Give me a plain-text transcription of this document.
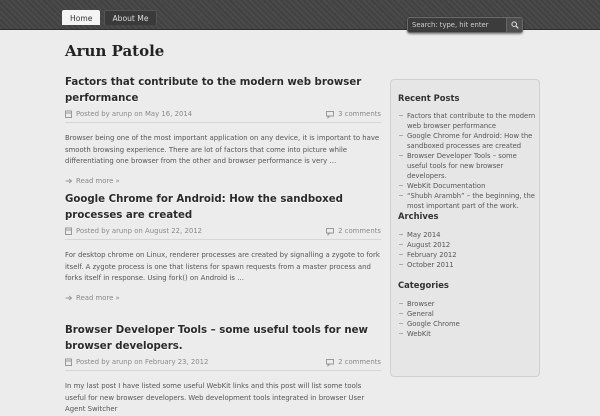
Home	About Me
Search: type, hit enter
Arun Patole
Factors that contribute to the modern web browser performance
Posted by arunp on May 16, 2014	3 comments
Browser being one of the most important application on any device, it is important to have smooth browsing experience. There are lot of factors that come into picture while differentiating one browser from the other and browser performance is very …
Read more »
Google Chrome for Android: How the sandboxed processes are created
Posted by arunp on August 22, 2012	2 comments
For desktop chrome on Linux, renderer processes are created by signalling a zygote to fork itself. A zygote process is one that listens for spawn requests from a master process and forks itself in response. Using fork() on Android is …
Read more »
Browser Developer Tools – some useful tools for new browser developers.
Posted by arunp on February 23, 2012	2 comments
In my last post I have listed some useful WebKit links and this post will list some tools useful for new browser developers. Web development tools integrated in browser User Agent Switcher
Recent Posts
Factors that contribute to the modern web browser performance
Google Chrome for Android: How the sandboxed processes are created
Browser Developer Tools – some useful tools for new browser developers.
WebKit Documentation
“Shubh Arambh” – the beginning, the most important part of the work.
Archives
May 2014
August 2012
February 2012
October 2011
Categories
Browser
General
Google Chrome
WebKit
